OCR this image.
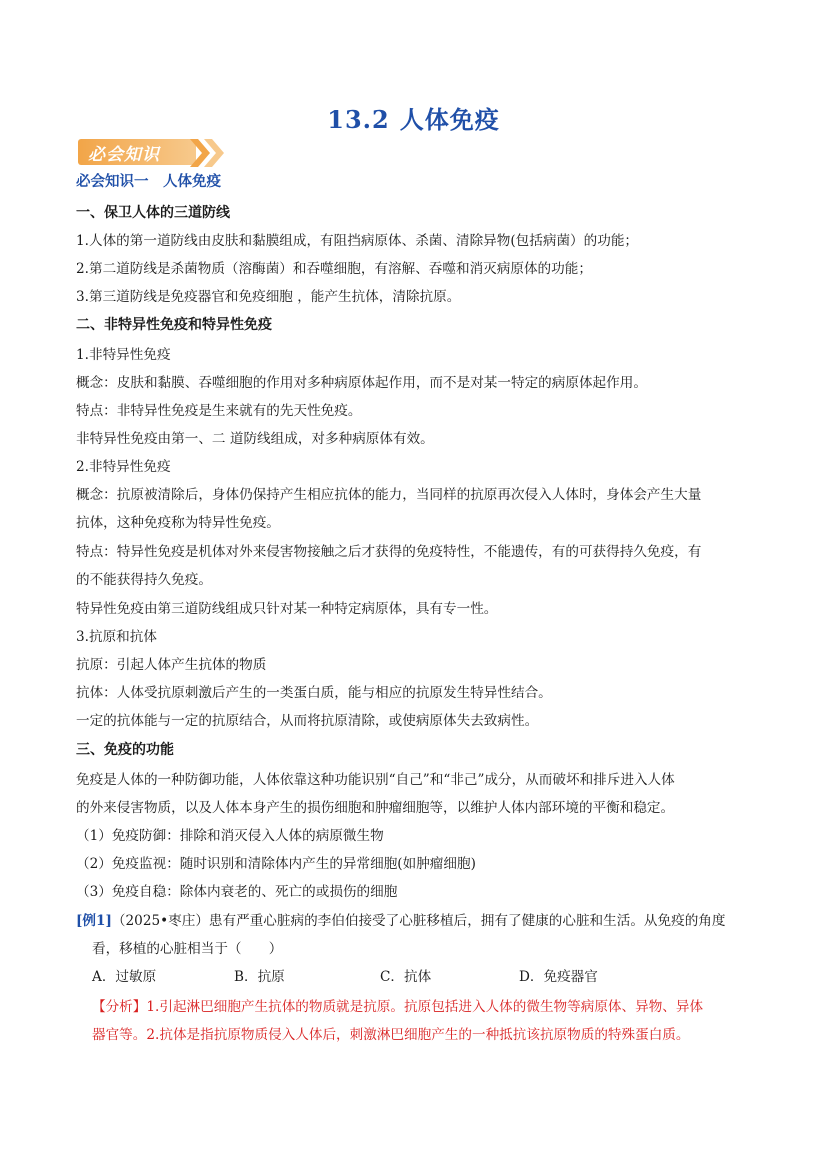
13.2 人体免疫
必会知识
必会知识一　人体免疫
一、保卫人体的三道防线
1.人体的第一道防线由皮肤和黏膜组成，有阻挡病原体、杀菌、清除异物(包括病菌）的功能；
2.第二道防线是杀菌物质（溶酶菌）和吞噬细胞，有溶解、吞噬和消灭病原体的功能；
3.第三道防线是免疫器官和免疫细胞 ，能产生抗体，清除抗原。
二、非特异性免疫和特异性免疫
1.非特异性免疫
概念：皮肤和黏膜、吞噬细胞的作用对多种病原体起作用，而不是对某一特定的病原体起作用。
特点：非特异性免疫是生来就有的先天性免疫。
非特异性免疫由第一、二 道防线组成，对多种病原体有效。
2.非特异性免疫
概念：抗原被清除后，身体仍保持产生相应抗体的能力，当同样的抗原再次侵入人体时，身体会产生大量
抗体，这种免疫称为特异性免疫。
特点：特异性免疫是机体对外来侵害物接触之后才获得的免疫特性，不能遗传，有的可获得持久免疫，有
的不能获得持久免疫。
特异性免疫由第三道防线组成只针对某一种特定病原体，具有专一性。
3.抗原和抗体
抗原：引起人体产生抗体的物质
抗体：人体受抗原刺激后产生的一类蛋白质，能与相应的抗原发生特异性结合。
一定的抗体能与一定的抗原结合，从而将抗原清除，或使病原体失去致病性。
三、免疫的功能
免疫是人体的一种防御功能，人体依靠这种功能识别“自己”和“非己”成分，从而破坏和排斥进入人体
的外来侵害物质，以及人体本身产生的损伤细胞和肿瘤细胞等，以维护人体内部环境的平衡和稳定。
（1）免疫防御：排除和消灭侵入人体的病原微生物
（2）免疫监视：随时识别和清除体内产生的异常细胞(如肿瘤细胞)
（3）免疫自稳：除体内衰老的、死亡的或损伤的细胞
[例1]（2025•枣庄）患有严重心脏病的李伯伯接受了心脏移植后，拥有了健康的心脏和生活。从免疫的角度
看，移植的心脏相当于（　　）
A．过敏原	B．抗原	C．抗体	D．免疫器官
【分析】1.引起淋巴细胞产生抗体的物质就是抗原。抗原包括进入人体的微生物等病原体、异物、异体
器官等。2.抗体是指抗原物质侵入人体后，刺激淋巴细胞产生的一种抵抗该抗原物质的特殊蛋白质。
